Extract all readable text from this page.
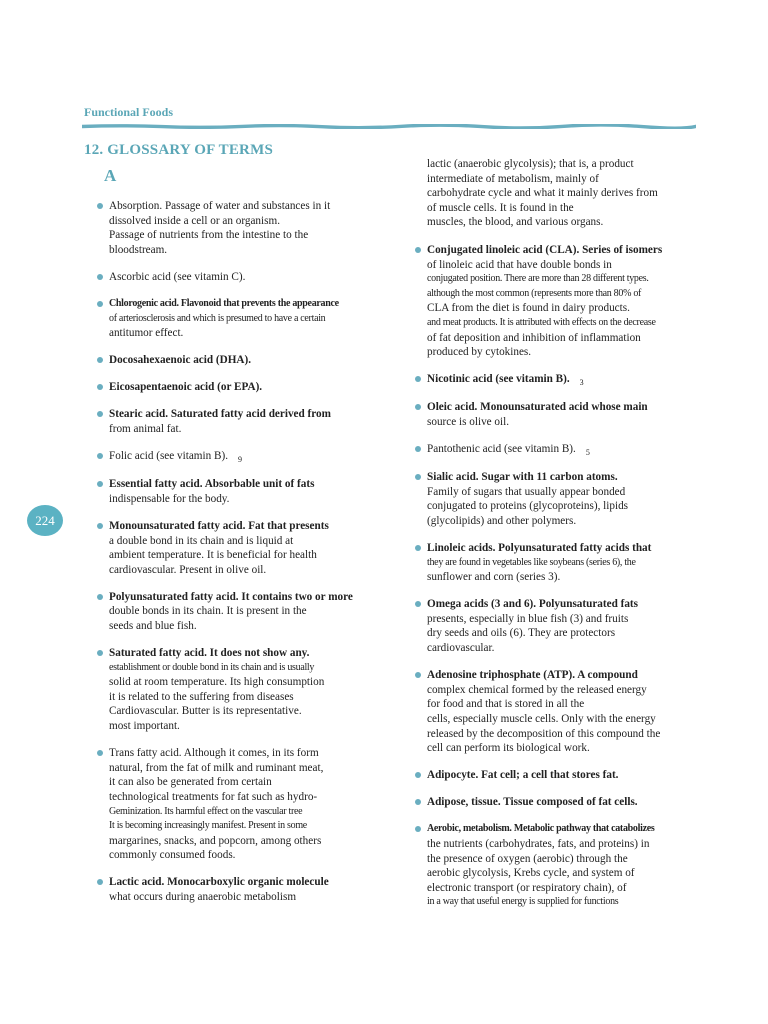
Functional Foods
12. GLOSSARY OF TERMS
A
224
Absorption. Passage of water and substances in it
dissolved inside a cell or an organism.
Passage of nutrients from the intestine to the
bloodstream.
Ascorbic acid (see vitamin C).
Chlorogenic acid. Flavonoid that prevents the appearance
of arteriosclerosis and which is presumed to have a certain
antitumor effect.
Docosahexaenoic acid (DHA).
Eicosapentaenoic acid (or EPA).
Stearic acid. Saturated fatty acid derived from
from animal fat.
Folic acid (see vitamin B). $_9$
Essential fatty acid. Absorbable unit of fats
indispensable for the body.
Monounsaturated fatty acid. Fat that presents
a double bond in its chain and is liquid at
ambient temperature. It is beneficial for health
cardiovascular. Present in olive oil.
Polyunsaturated fatty acid. It contains two or more
double bonds in its chain. It is present in the
seeds and blue fish.
Saturated fatty acid. It does not show any.
establishment or double bond in its chain and is usually
solid at room temperature. Its high consumption
it is related to the suffering from diseases
Cardiovascular. Butter is its representative.
most important.
Trans fatty acid. Although it comes, in its form
natural, from the fat of milk and ruminant meat,
it can also be generated from certain
technological treatments for fat such as hydro-
Geminization. Its harmful effect on the vascular tree
It is becoming increasingly manifest. Present in some
margarines, snacks, and popcorn, among others
commonly consumed foods.
Lactic acid. Monocarboxylic organic molecule
what occurs during anaerobic metabolism
lactic (anaerobic glycolysis); that is, a product
intermediate of metabolism, mainly of
carbohydrate cycle and what it mainly derives from
of muscle cells. It is found in the
muscles, the blood, and various organs.
Conjugated linoleic acid (CLA). Series of isomers
of linoleic acid that have double bonds in
conjugated position. There are more than 28 different types.
although the most common (represents more than 80% of
CLA from the diet is found in dairy products.
and meat products. It is attributed with effects on the decrease
of fat deposition and inhibition of inflammation
produced by cytokines.
Nicotinic acid (see vitamin B). $_3$
Oleic acid. Monounsaturated acid whose main
source is olive oil.
Pantothenic acid (see vitamin B). $_5$
Sialic acid. Sugar with 11 carbon atoms.
Family of sugars that usually appear bonded
conjugated to proteins (glycoproteins), lipids
(glycolipids) and other polymers.
Linoleic acids. Polyunsaturated fatty acids that
they are found in vegetables like soybeans (series 6), the
sunflower and corn (series 3).
Omega acids (3 and 6). Polyunsaturated fats
presents, especially in blue fish (3) and fruits
dry seeds and oils (6). They are protectors
cardiovascular.
Adenosine triphosphate (ATP). A compound
complex chemical formed by the released energy
for food and that is stored in all the
cells, especially muscle cells. Only with the energy
released by the decomposition of this compound the
cell can perform its biological work.
Adipocyte. Fat cell; a cell that stores fat.
Adipose, tissue. Tissue composed of fat cells.
Aerobic, metabolism. Metabolic pathway that catabolizes
the nutrients (carbohydrates, fats, and proteins) in
the presence of oxygen (aerobic) through the
aerobic glycolysis, Krebs cycle, and system of
electronic transport (or respiratory chain), of
in a way that useful energy is supplied for functions
